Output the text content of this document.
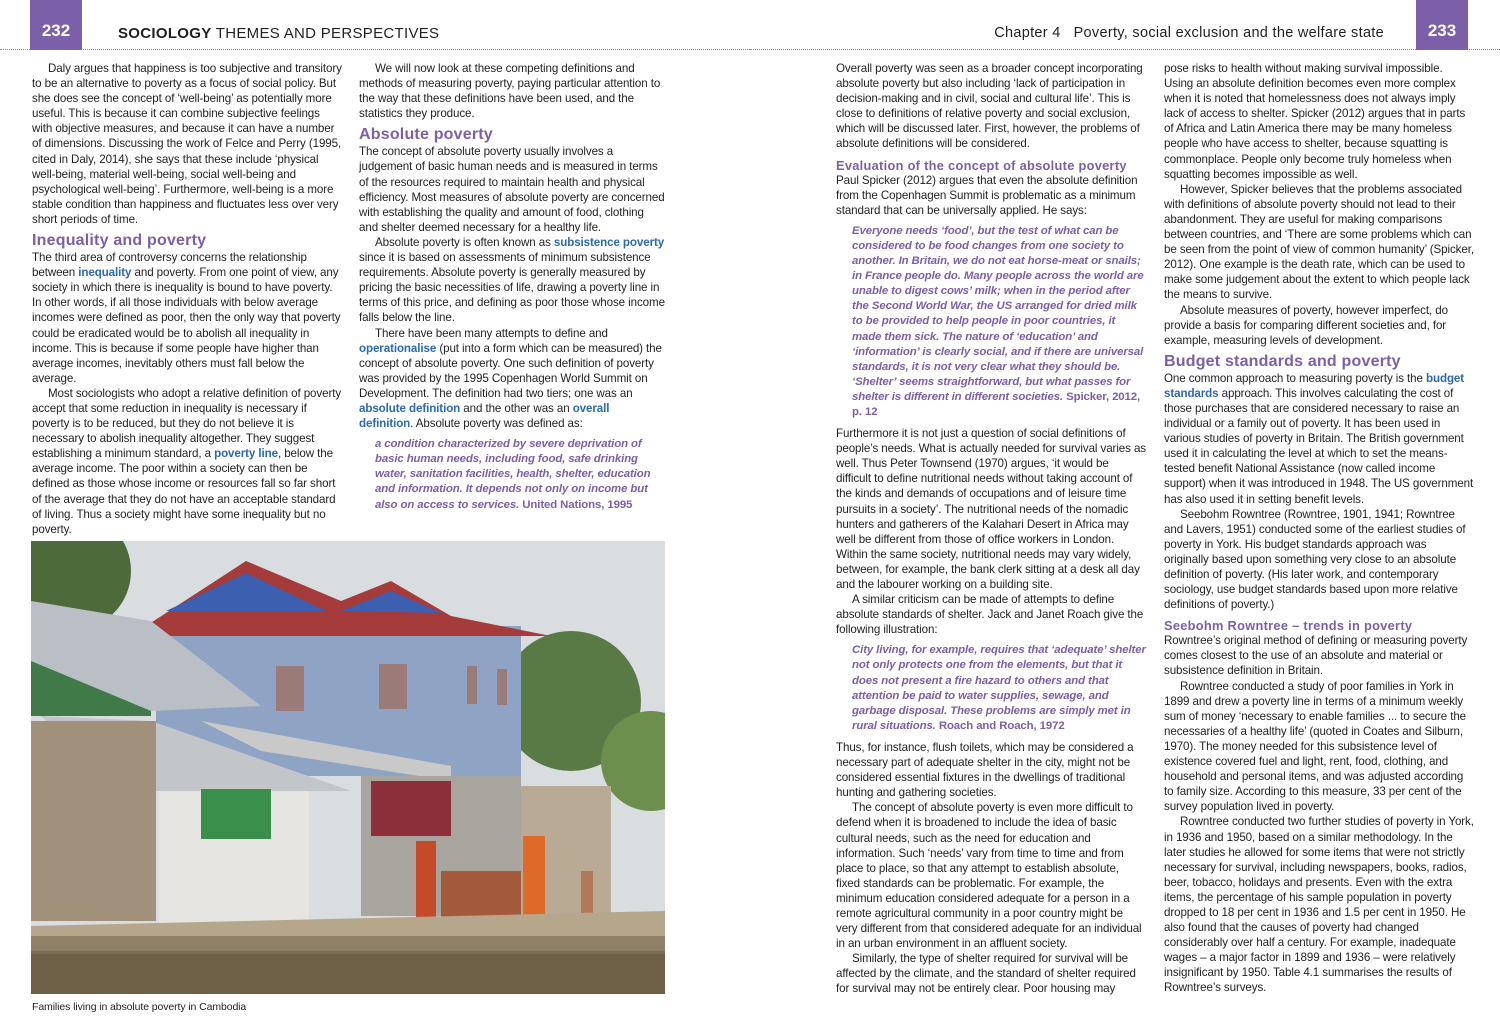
232	SOCIOLOGY THEMES AND PERSPECTIVES	Chapter 4   Poverty, social exclusion and the welfare state	233

Daly argues that happiness is too subjective and transitory to be an alternative to poverty as a focus of social policy. But she does see the concept of ‘well-being’ as potentially more useful. This is because it can combine subjective feelings with objective measures, and because it can have a number of dimensions. Discussing the work of Felce and Perry (1995, cited in Daly, 2014), she says that these include ‘physical well-being, material well-being, social well-being and psychological well-being’. Furthermore, well-being is a more stable condition than happiness and fluctuates less over very short periods of time.

Inequality and poverty

The third area of controversy concerns the relationship between inequality and poverty. From one point of view, any society in which there is inequality is bound to have poverty. In other words, if all those individuals with below average incomes were defined as poor, then the only way that poverty could be eradicated would be to abolish all inequality in income. This is because if some people have higher than average incomes, inevitably others must fall below the average.

Most sociologists who adopt a relative definition of poverty accept that some reduction in inequality is necessary if poverty is to be reduced, but they do not believe it is necessary to abolish inequality altogether. They suggest establishing a minimum standard, a poverty line, below the average income. The poor within a society can then be defined as those whose income or resources fall so far short of the average that they do not have an acceptable standard of living. Thus a society might have some inequality but no poverty.

We will now look at these competing definitions and methods of measuring poverty, paying particular attention to the way that these definitions have been used, and the statistics they produce.

Absolute poverty

The concept of absolute poverty usually involves a judgement of basic human needs and is measured in terms of the resources required to maintain health and physical efficiency. Most measures of absolute poverty are concerned with establishing the quality and amount of food, clothing and shelter deemed necessary for a healthy life.

Absolute poverty is often known as subsistence poverty since it is based on assessments of minimum subsistence requirements. Absolute poverty is generally measured by pricing the basic necessities of life, drawing a poverty line in terms of this price, and defining as poor those whose income falls below the line.

There have been many attempts to define and operationalise (put into a form which can be measured) the concept of absolute poverty. One such definition of poverty was provided by the 1995 Copenhagen World Summit on Development. The definition had two tiers; one was an absolute definition and the other was an overall definition. Absolute poverty was defined as:

a condition characterized by severe deprivation of basic human needs, including food, safe drinking water, sanitation facilities, health, shelter, education and information. It depends not only on income but also on access to services. United Nations, 1995
Families living in absolute poverty in Cambodia

Overall poverty was seen as a broader concept incorporating absolute poverty but also including ‘lack of participation in decision-making and in civil, social and cultural life’. This is close to definitions of relative poverty and social exclusion, which will be discussed later. First, however, the problems of absolute definitions will be considered.

Evaluation of the concept of absolute poverty

Paul Spicker (2012) argues that even the absolute definition from the Copenhagen Summit is problematic as a minimum standard that can be universally applied. He says:

Everyone needs ‘food’, but the test of what can be considered to be food changes from one society to another. In Britain, we do not eat horse-meat or snails; in France people do. Many people across the world are unable to digest cows’ milk; when in the period after the Second World War, the US arranged for dried milk to be provided to help people in poor countries, it made them sick. The nature of ‘education’ and ‘information’ is clearly social, and if there are universal standards, it is not very clear what they should be. ‘Shelter’ seems straightforward, but what passes for shelter is different in different societies. Spicker, 2012, p. 12

Furthermore it is not just a question of social definitions of people’s needs. What is actually needed for survival varies as well. Thus Peter Townsend (1970) argues, ‘it would be difficult to define nutritional needs without taking account of the kinds and demands of occupations and of leisure time pursuits in a society’. The nutritional needs of the nomadic hunters and gatherers of the Kalahari Desert in Africa may well be different from those of office workers in London. Within the same society, nutritional needs may vary widely, between, for example, the bank clerk sitting at a desk all day and the labourer working on a building site.

A similar criticism can be made of attempts to define absolute standards of shelter. Jack and Janet Roach give the following illustration:

City living, for example, requires that ‘adequate’ shelter not only protects one from the elements, but that it does not present a fire hazard to others and that attention be paid to water supplies, sewage, and garbage disposal. These problems are simply met in rural situations. Roach and Roach, 1972

Thus, for instance, flush toilets, which may be considered a necessary part of adequate shelter in the city, might not be considered essential fixtures in the dwellings of traditional hunting and gathering societies.

The concept of absolute poverty is even more difficult to defend when it is broadened to include the idea of basic cultural needs, such as the need for education and information. Such ‘needs’ vary from time to time and from place to place, so that any attempt to establish absolute, fixed standards can be problematic. For example, the minimum education considered adequate for a person in a remote agricultural community in a poor country might be very different from that considered adequate for an individual in an urban environment in an affluent society.

Similarly, the type of shelter required for survival will be affected by the climate, and the standard of shelter required for survival may not be entirely clear. Poor housing may

pose risks to health without making survival impossible. Using an absolute definition becomes even more complex when it is noted that homelessness does not always imply lack of access to shelter. Spicker (2012) argues that in parts of Africa and Latin America there may be many homeless people who have access to shelter, because squatting is commonplace. People only become truly homeless when squatting becomes impossible as well.

However, Spicker believes that the problems associated with definitions of absolute poverty should not lead to their abandonment. They are useful for making comparisons between countries, and ‘There are some problems which can be seen from the point of view of common humanity’ (Spicker, 2012). One example is the death rate, which can be used to make some judgement about the extent to which people lack the means to survive.

Absolute measures of poverty, however imperfect, do provide a basis for comparing different societies and, for example, measuring levels of development.

Budget standards and poverty

One common approach to measuring poverty is the budget standards approach. This involves calculating the cost of those purchases that are considered necessary to raise an individual or a family out of poverty. It has been used in various studies of poverty in Britain. The British government used it in calculating the level at which to set the means-tested benefit National Assistance (now called income support) when it was introduced in 1948. The US government has also used it in setting benefit levels.

Seebohm Rowntree (Rowntree, 1901, 1941; Rowntree and Lavers, 1951) conducted some of the earliest studies of poverty in York. His budget standards approach was originally based upon something very close to an absolute definition of poverty. (His later work, and contemporary sociology, use budget standards based upon more relative definitions of poverty.)

Seebohm Rowntree – trends in poverty

Rowntree’s original method of defining or measuring poverty comes closest to the use of an absolute and material or subsistence definition in Britain.

Rowntree conducted a study of poor families in York in 1899 and drew a poverty line in terms of a minimum weekly sum of money ‘necessary to enable families ... to secure the necessaries of a healthy life’ (quoted in Coates and Silburn, 1970). The money needed for this subsistence level of existence covered fuel and light, rent, food, clothing, and household and personal items, and was adjusted according to family size. According to this measure, 33 per cent of the survey population lived in poverty.

Rowntree conducted two further studies of poverty in York, in 1936 and 1950, based on a similar methodology. In the later studies he allowed for some items that were not strictly necessary for survival, including newspapers, books, radios, beer, tobacco, holidays and presents. Even with the extra items, the percentage of his sample population in poverty dropped to 18 per cent in 1936 and 1.5 per cent in 1950. He also found that the causes of poverty had changed considerably over half a century. For example, inadequate wages – a major factor in 1899 and 1936 – were relatively insignificant by 1950. Table 4.1 summarises the results of Rowntree’s surveys.
